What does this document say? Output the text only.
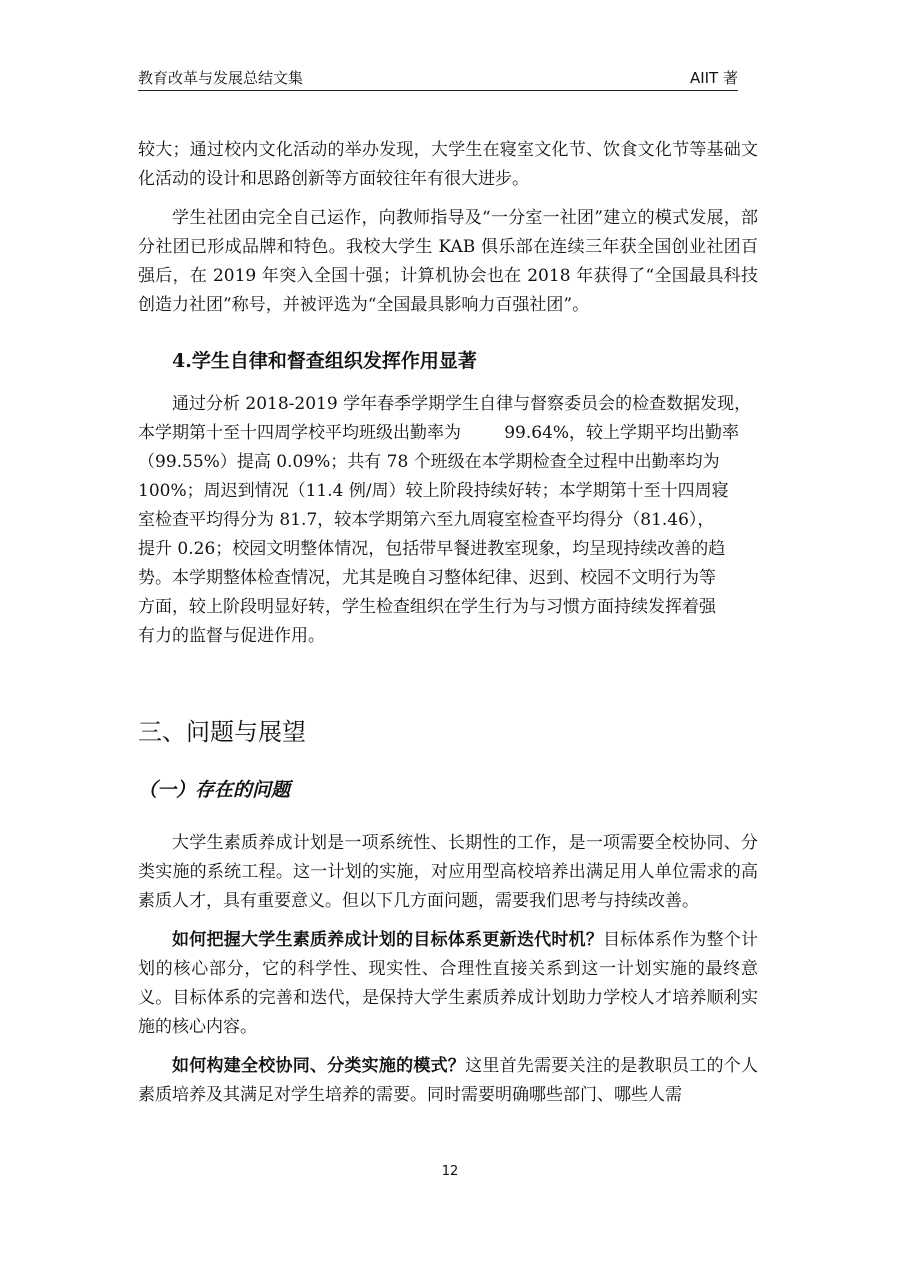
教育改革与发展总结文集	AIIT 著

较大；通过校内文化活动的举办发现，大学生在寝室文化节、饮食文化节等基础文化活动的设计和思路创新等方面较往年有很大进步。

学生社团由完全自己运作，向教师指导及“一分室一社团”建立的模式发展，部分社团已形成品牌和特色。我校大学生 KAB 俱乐部在连续三年获全国创业社团百强后，在 2019 年突入全国十强；计算机协会也在 2018 年获得了“全国最具科技创造力社团”称号，并被评选为“全国最具影响力百强社团”。

4.学生自律和督查组织发挥作用显著

通过分析 2018-2019 学年春季学期学生自律与督察委员会的检查数据发现，

本学期第十至十四周学校平均班级出勤率为        99.64%，较上学期平均出勤率

（99.55%）提高 0.09%；共有 78 个班级在本学期检查全过程中出勤率均为

100%；周迟到情况（11.4 例/周）较上阶段持续好转；本学期第十至十四周寝

室检查平均得分为 81.7，较本学期第六至九周寝室检查平均得分（81.46），

提升 0.26；校园文明整体情况，包括带早餐进教室现象，均呈现持续改善的趋

势。本学期整体检查情况，尤其是晚自习整体纪律、迟到、校园不文明行为等

方面，较上阶段明显好转，学生检查组织在学生行为与习惯方面持续发挥着强

有力的监督与促进作用。

三、问题与展望
（一）存在的问题

大学生素质养成计划是一项系统性、长期性的工作，是一项需要全校协同、分类实施的系统工程。这一计划的实施，对应用型高校培养出满足用人单位需求的高素质人才，具有重要意义。但以下几方面问题，需要我们思考与持续改善。

如何把握大学生素质养成计划的目标体系更新迭代时机？目标体系作为整个计划的核心部分，它的科学性、现实性、合理性直接关系到这一计划实施的最终意义。目标体系的完善和迭代，是保持大学生素质养成计划助力学校人才培养顺利实施的核心内容。

如何构建全校协同、分类实施的模式？这里首先需要关注的是教职员工的个人素质培养及其满足对学生培养的需要。同时需要明确哪些部门、哪些人需

12
